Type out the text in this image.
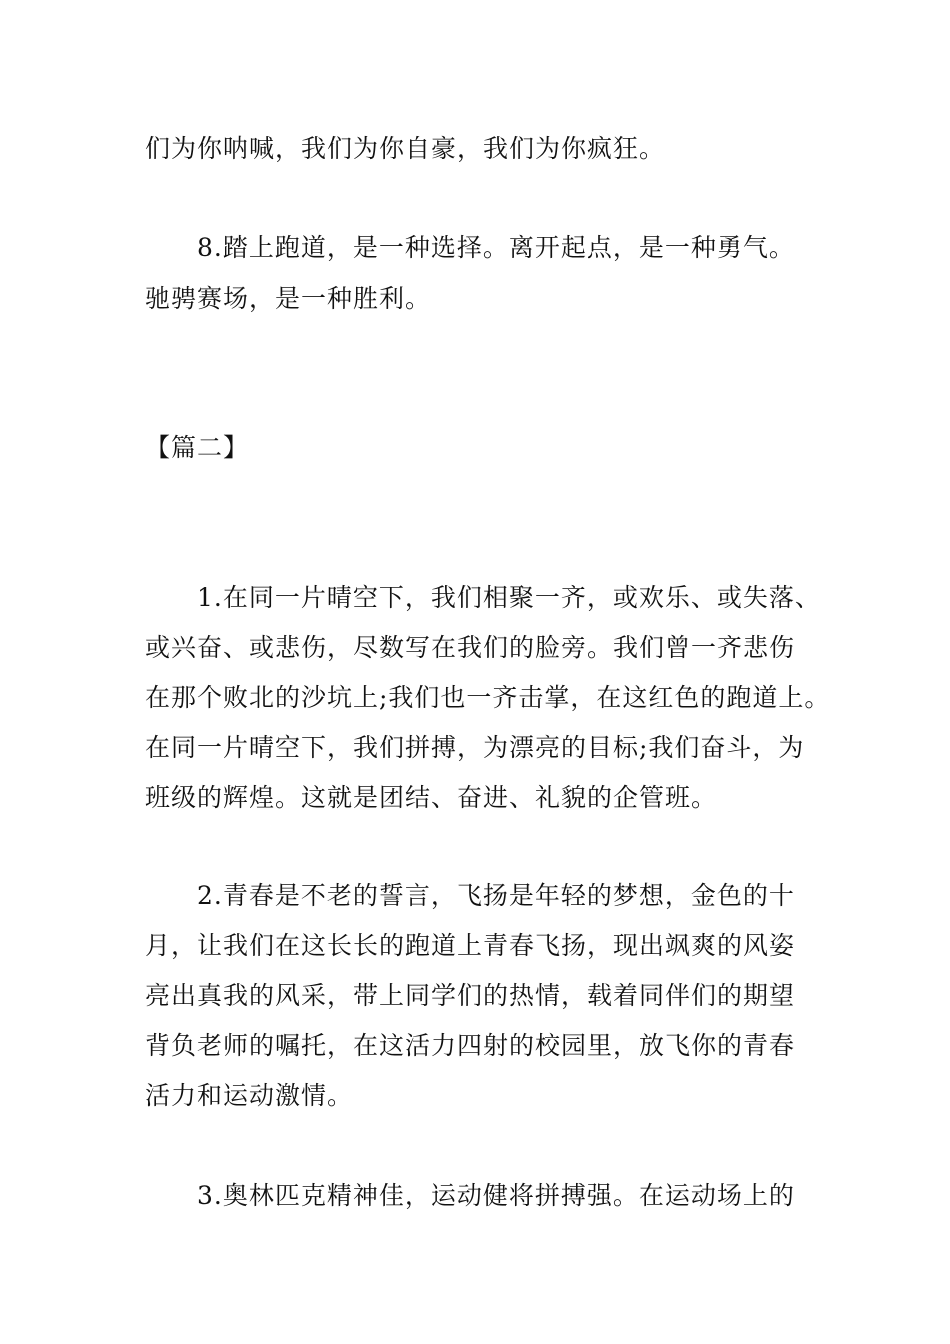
们为你呐喊，我们为你自豪，我们为你疯狂。
8.踏上跑道，是一种选择。离开起点，是一种勇气。
驰骋赛场，是一种胜利。
【篇二】
1.在同一片晴空下，我们相聚一齐，或欢乐、或失落、
或兴奋、或悲伤，尽数写在我们的脸旁。我们曾一齐悲伤
在那个败北的沙坑上;我们也一齐击掌，在这红色的跑道上。
在同一片晴空下，我们拼搏，为漂亮的目标;我们奋斗，为
班级的辉煌。这就是团结、奋进、礼貌的企管班。
2.青春是不老的誓言，飞扬是年轻的梦想，金色的十
月，让我们在这长长的跑道上青春飞扬，现出飒爽的风姿
亮出真我的风采，带上同学们的热情，载着同伴们的期望
背负老师的嘱托，在这活力四射的校园里，放飞你的青春
活力和运动激情。
3.奥林匹克精神佳，运动健将拼搏强。在运动场上的
